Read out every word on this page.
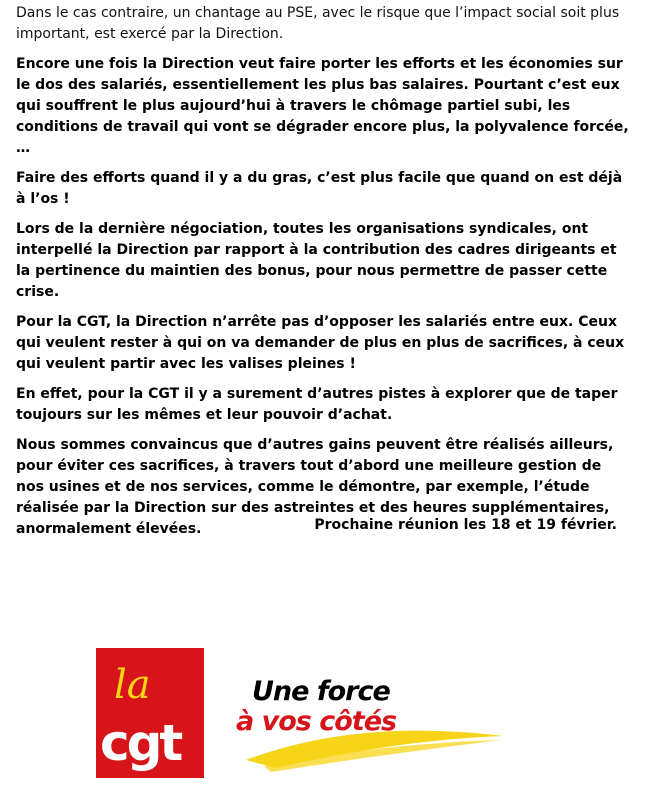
Dans le cas contraire, un chantage au PSE, avec le risque que l’impact social soit plus important, est exercé par la Direction.

Encore une fois la Direction veut faire porter les efforts et les économies sur le dos des salariés, essentiellement les plus bas salaires. Pourtant c’est eux qui souffrent le plus aujourd’hui à travers le chômage partiel subi, les conditions de travail qui vont se dégrader encore plus, la polyvalence forcée, …

Faire des efforts quand il y a du gras, c’est plus facile que quand on est déjà à l’os !

Lors de la dernière négociation, toutes les organisations syndicales, ont interpellé la Direction par rapport à la contribution des cadres dirigeants et la pertinence du maintien des bonus, pour nous permettre de passer cette crise.

Pour la CGT, la Direction n’arrête pas d’opposer les salariés entre eux. Ceux qui veulent rester à qui on va demander de plus en plus de sacrifices, à ceux qui veulent partir avec les valises pleines !

En effet, pour la CGT il y a surement d’autres pistes à explorer que de taper toujours sur les mêmes et leur pouvoir d’achat.

Nous sommes convaincus que d’autres gains peuvent être réalisés ailleurs, pour éviter ces sacrifices, à travers tout d’abord une meilleure gestion de nos usines et de nos services, comme le démontre, par exemple, l’étude réalisée par la Direction sur des astreintes et des heures supplémentaires, anormalement élevées.	Prochaine réunion les 18 et 19 février.
la
cgt
Une force
à vos côtés
